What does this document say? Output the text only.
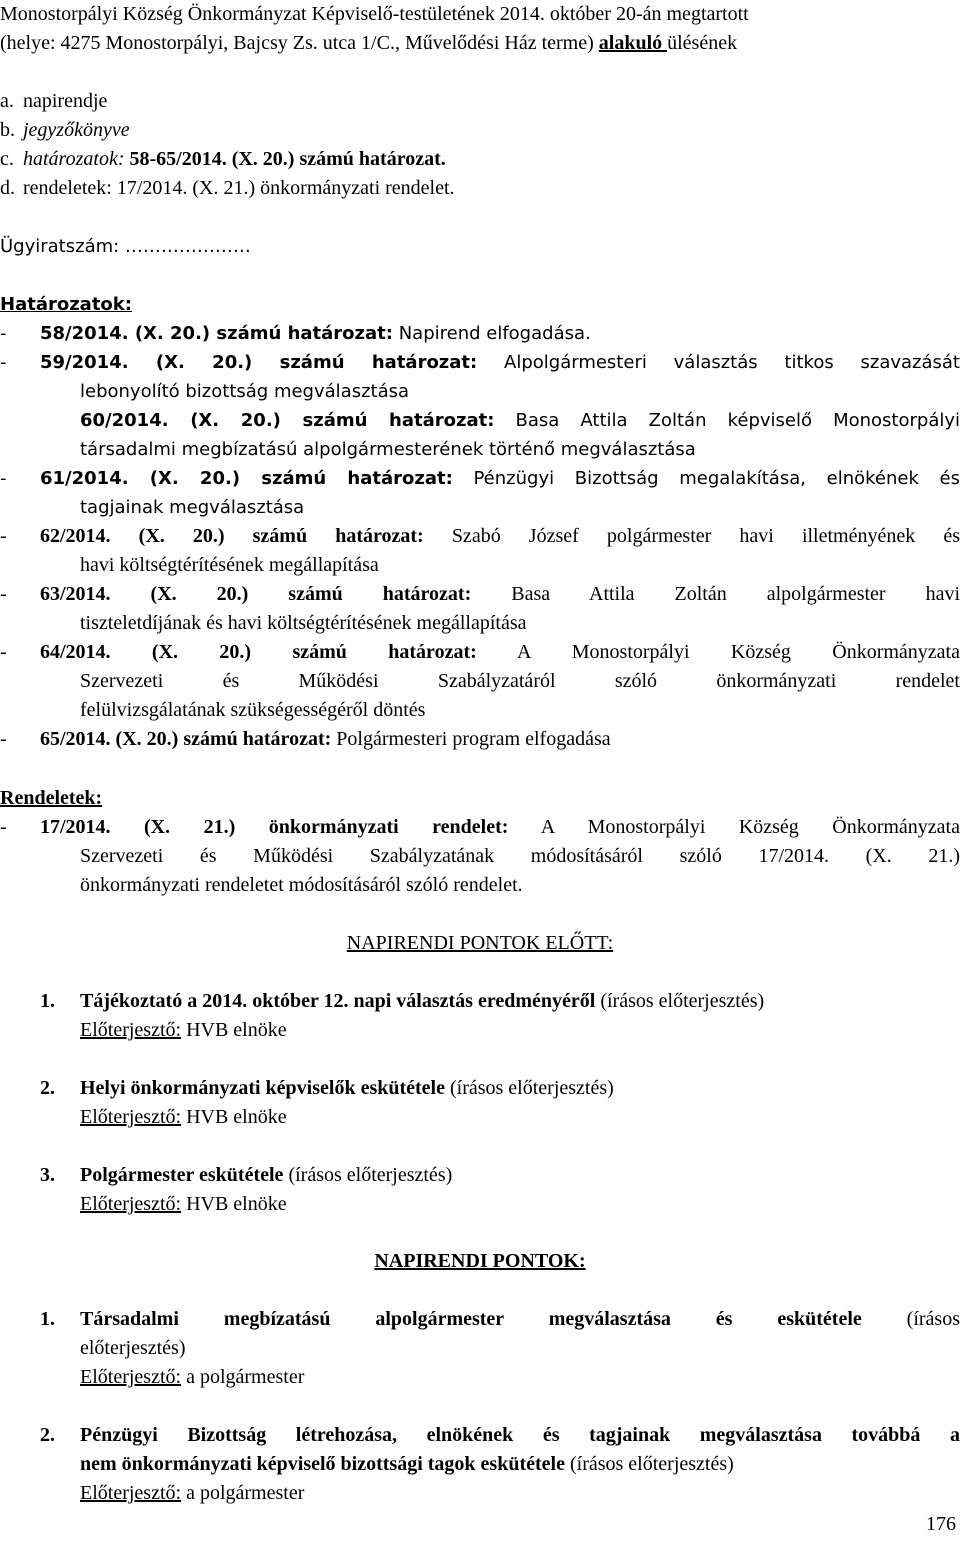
Monostorpályi Község Önkormányzat Képviselő-testületének 2014. október 20-án megtartott
(helye: 4275 Monostorpályi, Bajcsy Zs. utca 1/C., Művelődési Ház terme) alakuló ülésének
a. napirendje
b. jegyzőkönyve
c. határozatok: 58-65/2014. (X. 20.) számú határozat.
d. rendeletek: 17/2014. (X. 21.) önkormányzati rendelet.
Ügyiratszám: …………………
Határozatok:
- 58/2014. (X. 20.) számú határozat: Napirend elfogadása.
- 59/2014. (X. 20.) számú határozat: Alpolgármesteri választás titkos szavazását
lebonyolító bizottság megválasztása
60/2014. (X. 20.) számú határozat: Basa Attila Zoltán képviselő Monostorpályi
társadalmi megbízatású alpolgármesterének történő megválasztása
- 61/2014. (X. 20.) számú határozat: Pénzügyi Bizottság megalakítása, elnökének és
tagjainak megválasztása
- 62/2014. (X. 20.) számú határozat: Szabó József polgármester havi illetményének és
havi költségtérítésének megállapítása
- 63/2014. (X. 20.) számú határozat: Basa Attila Zoltán alpolgármester havi
tiszteletdíjának és havi költségtérítésének megállapítása
- 64/2014. (X. 20.) számú határozat: A Monostorpályi Község Önkormányzata
Szervezeti és Működési Szabályzatáról szóló önkormányzati rendelet
felülvizsgálatának szükségességéről döntés
- 65/2014. (X. 20.) számú határozat: Polgármesteri program elfogadása
Rendeletek:
- 17/2014. (X. 21.) önkormányzati rendelet: A Monostorpályi Község Önkormányzata
Szervezeti és Működési Szabályzatának módosításáról szóló 17/2014. (X. 21.)
önkormányzati rendeletet módosításáról szóló rendelet.
NAPIRENDI PONTOK ELŐTT:
1. Tájékoztató a 2014. október 12. napi választás eredményéről (írásos előterjesztés)
Előterjesztő: HVB elnöke
2. Helyi önkormányzati képviselők eskütétele (írásos előterjesztés)
Előterjesztő: HVB elnöke
3. Polgármester eskütétele (írásos előterjesztés)
Előterjesztő: HVB elnöke
NAPIRENDI PONTOK:
1. Társadalmi megbízatású alpolgármester megválasztása és eskütétele (írásos
előterjesztés)
Előterjesztő: a polgármester
2. Pénzügyi Bizottság létrehozása, elnökének és tagjainak megválasztása továbbá a
nem önkormányzati képviselő bizottsági tagok eskütétele (írásos előterjesztés)
Előterjesztő: a polgármester
176
